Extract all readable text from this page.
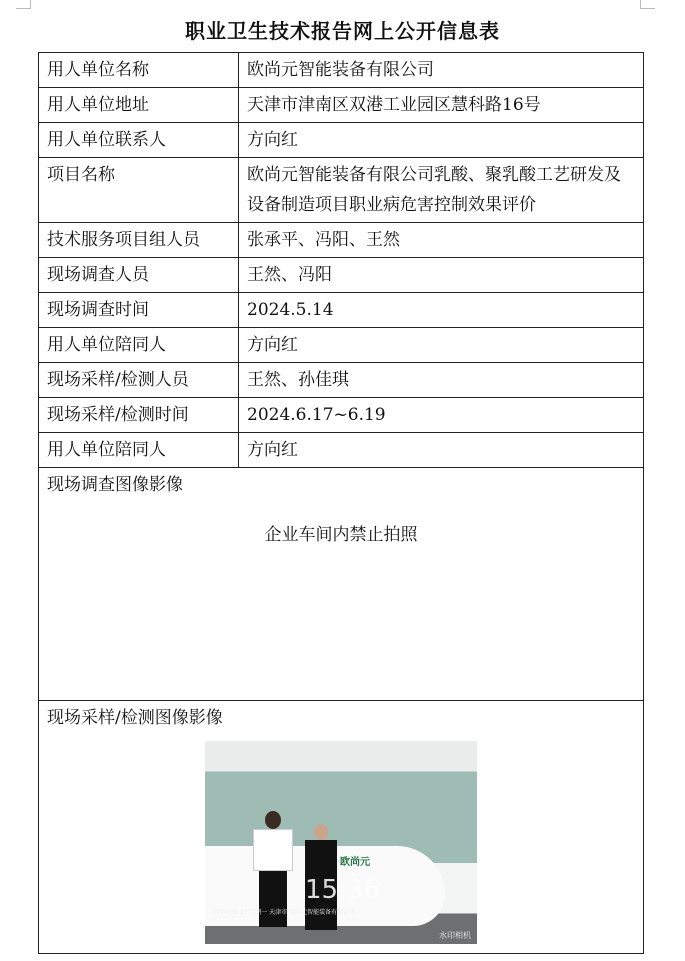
职业卫生技术报告网上公开信息表
用人单位名称	欧尚元智能装备有限公司
用人单位地址	天津市津南区双港工业园区慧科路16号
用人单位联系人	方向红
项目名称	欧尚元智能装备有限公司乳酸、聚乳酸工艺研发及设备制造项目职业病危害控制效果评价
技术服务项目组人员	张承平、冯阳、王然
现场调查人员	王然、冯阳
现场调查时间	2024.5.14
用人单位陪同人	方向红
现场采样/检测人员	王然、孙佳琪
现场采样/检测时间	2024.6.17~6.19
用人单位陪同人	方向红

现场调查图像影像
企业车间内禁止拍照	

现场采样/检测图像影像
欧尚元
15:36
2024.06.17 星期一 天津市·欧尚元智能装备有限公司
水印相机	
